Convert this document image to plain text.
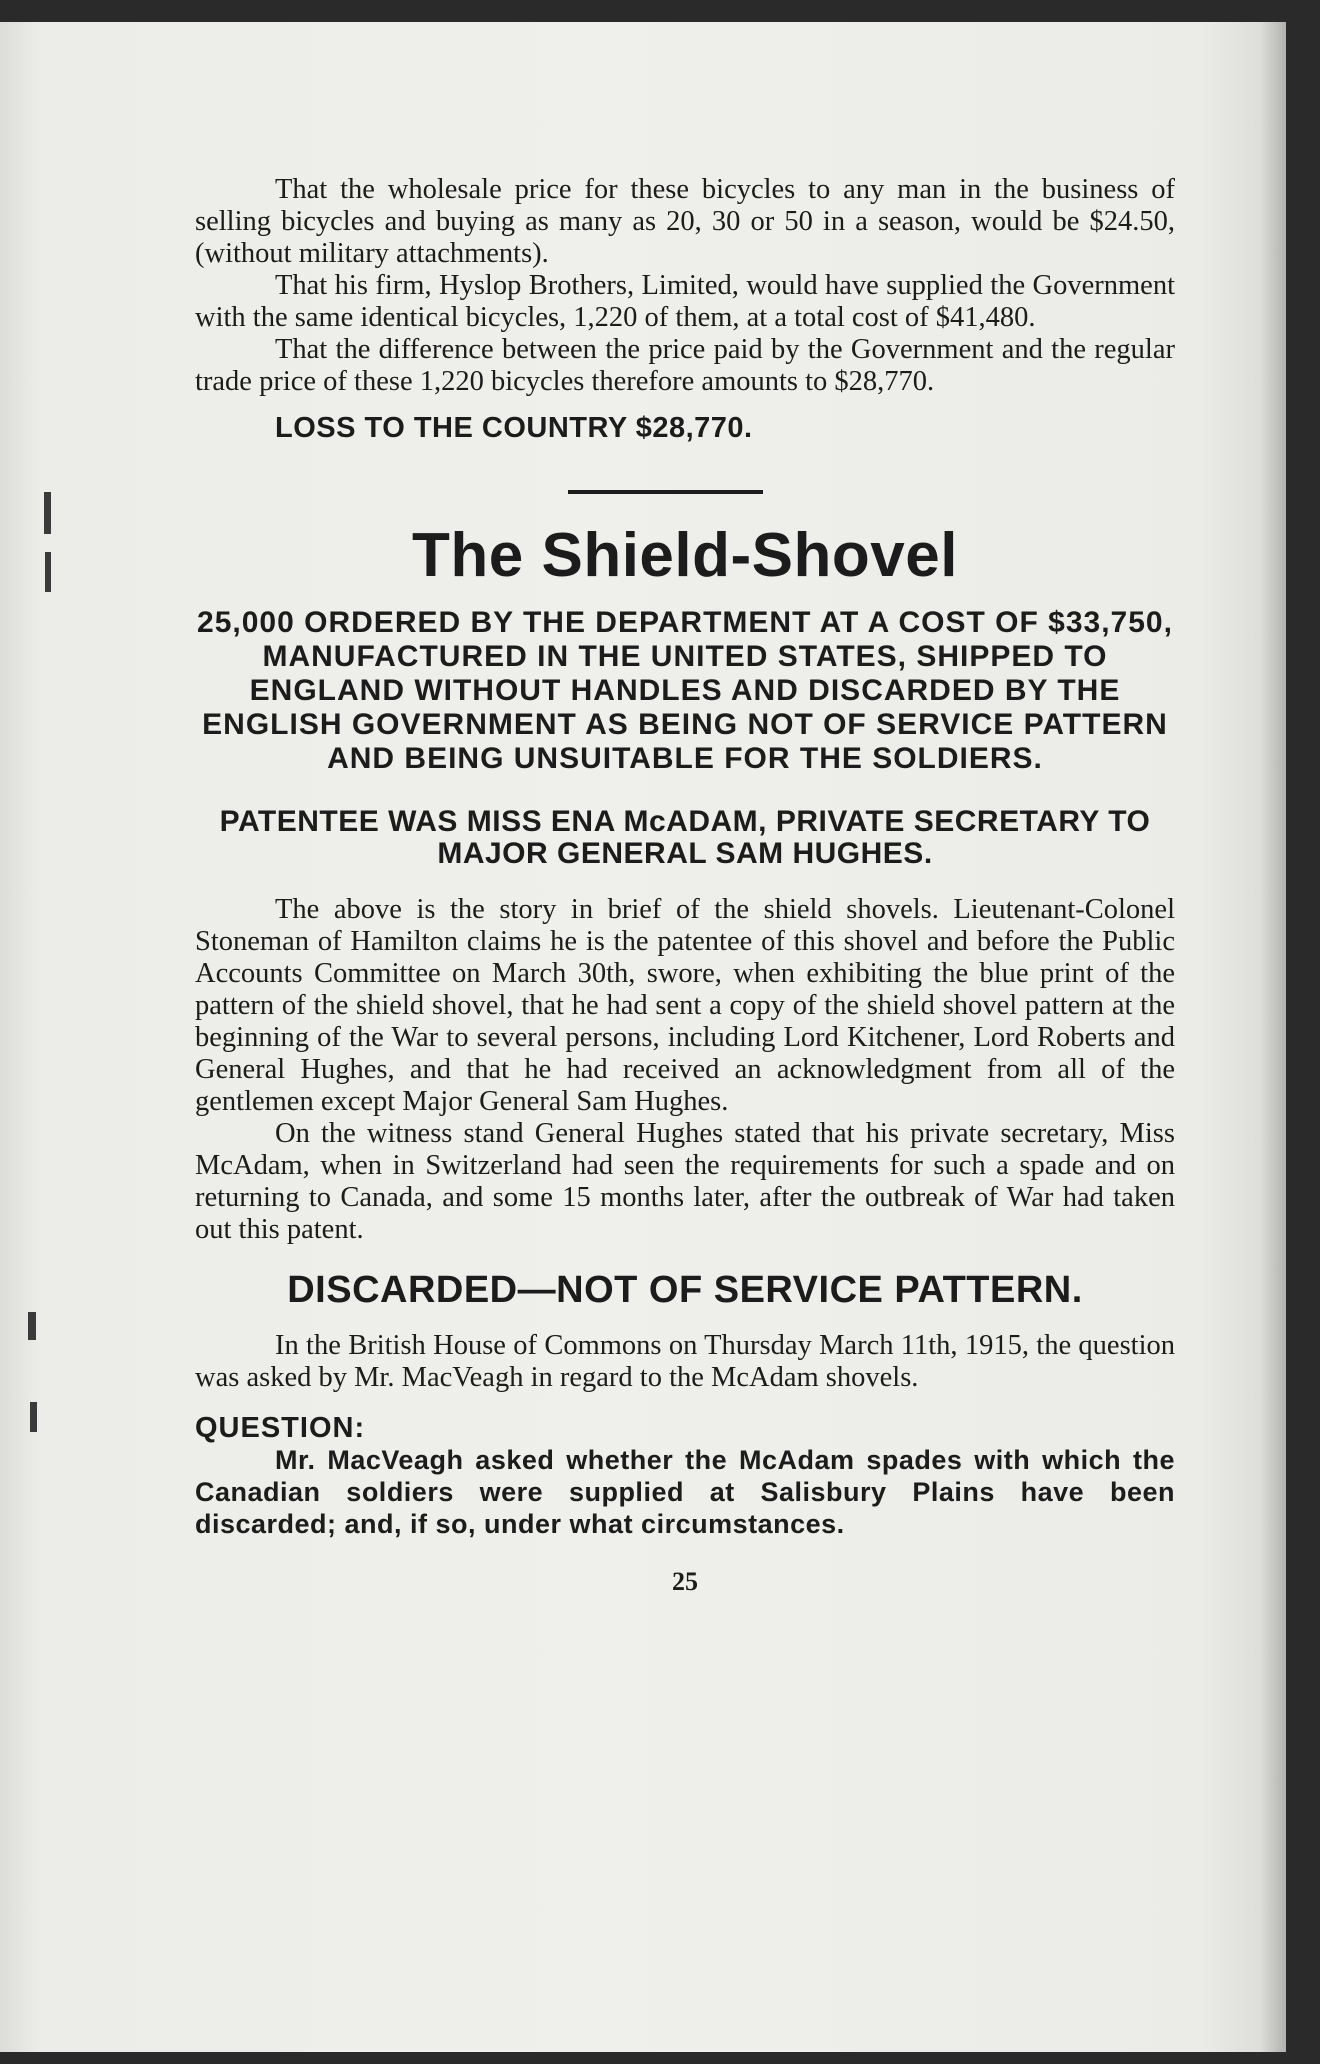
That the wholesale price for these bicycles to any man in the business of selling bicycles and buying as many as 20, 30 or 50 in a season, would be $24.50, (without military attachments).

That his firm, Hyslop Brothers, Limited, would have supplied the Government with the same identical bicycles, 1,220 of them, at a total cost of $41,480.

That the difference between the price paid by the Government and the regular trade price of these 1,220 bicycles therefore amounts to $28,770.

LOSS TO THE COUNTRY $28,770.
The Shield-Shovel
25,000 ORDERED BY THE DEPARTMENT AT A COST OF $33,750, MANUFACTURED IN THE UNITED STATES, SHIPPED TO ENGLAND WITHOUT HANDLES AND DISCARDED BY THE ENGLISH GOVERNMENT AS BEING NOT OF SERVICE PATTERN AND BEING UNSUITABLE FOR THE SOLDIERS.
PATENTEE WAS MISS ENA McADAM, PRIVATE SECRETARY TO MAJOR GENERAL SAM HUGHES.

The above is the story in brief of the shield shovels. Lieutenant-Colonel Stoneman of Hamilton claims he is the patentee of this shovel and before the Public Accounts Committee on March 30th, swore, when exhibiting the blue print of the pattern of the shield shovel, that he had sent a copy of the shield shovel pattern at the beginning of the War to several persons, including Lord Kitchener, Lord Roberts and General Hughes, and that he had received an acknowledgment from all of the gentlemen except Major General Sam Hughes.

On the witness stand General Hughes stated that his private secretary, Miss McAdam, when in Switzerland had seen the requirements for such a spade and on returning to Canada, and some 15 months later, after the outbreak of War had taken out this patent.

DISCARDED—NOT OF SERVICE PATTERN.

In the British House of Commons on Thursday March 11th, 1915, the question was asked by Mr. MacVeagh in regard to the McAdam shovels.

QUESTION:

Mr. MacVeagh asked whether the McAdam spades with which the Canadian soldiers were supplied at Salisbury Plains have been discarded; and, if so, under what circumstances.

25
